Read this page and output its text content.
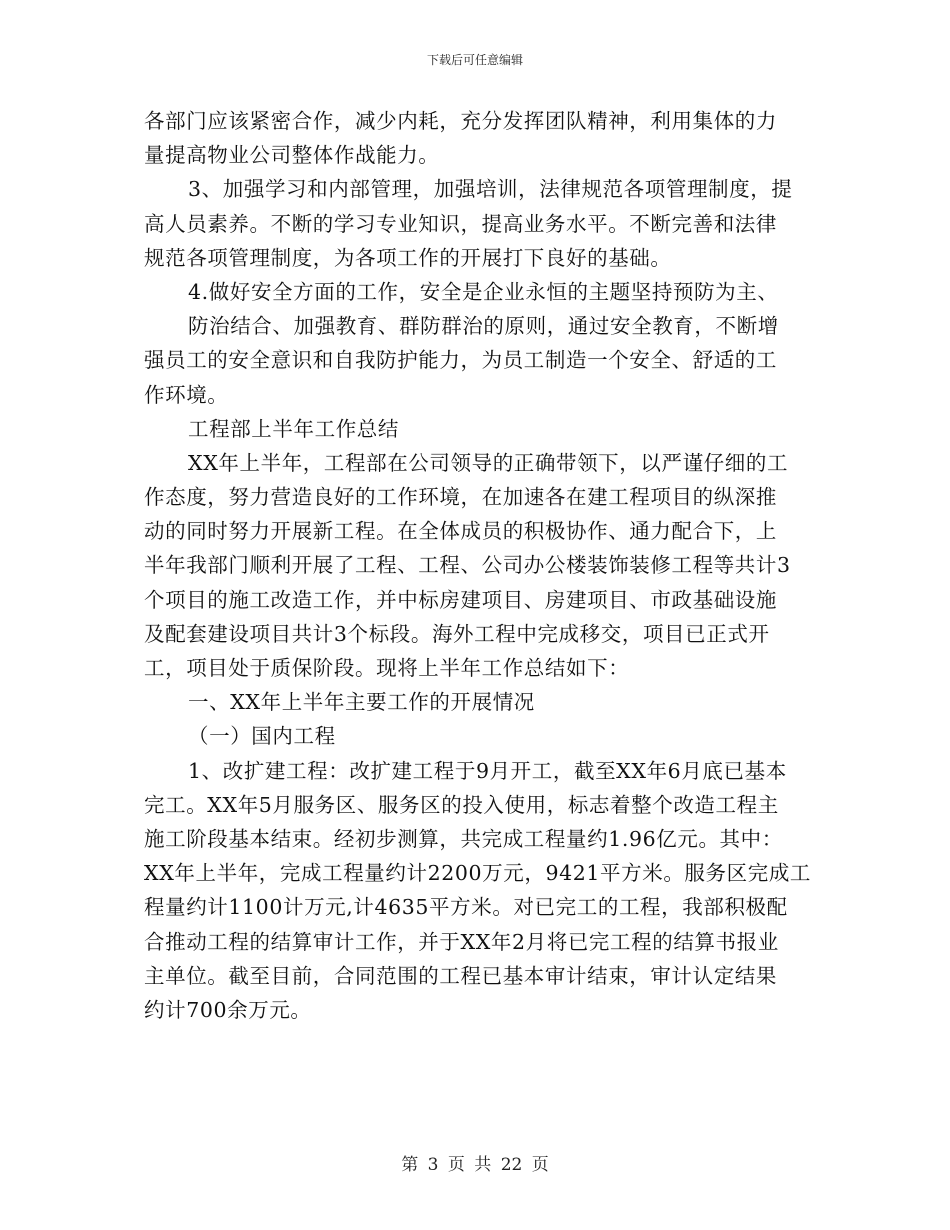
下载后可任意编辑
各部门应该紧密合作，减少内耗，充分发挥团队精神，利用集体的力
量提高物业公司整体作战能力。
3、加强学习和内部管理，加强培训，法律规范各项管理制度，提
高人员素养。不断的学习专业知识，提高业务水平。不断完善和法律
规范各项管理制度，为各项工作的开展打下良好的基础。
4.做好安全方面的工作，安全是企业永恒的主题坚持预防为主、
防治结合、加强教育、群防群治的原则，通过安全教育，不断增
强员工的安全意识和自我防护能力，为员工制造一个安全、舒适的工
作环境。
工程部上半年工作总结
XX年上半年，工程部在公司领导的正确带领下，以严谨仔细的工
作态度，努力营造良好的工作环境，在加速各在建工程项目的纵深推
动的同时努力开展新工程。在全体成员的积极协作、通力配合下，上
半年我部门顺利开展了工程、工程、公司办公楼装饰装修工程等共计3
个项目的施工改造工作，并中标房建项目、房建项目、市政基础设施
及配套建设项目共计3个标段。海外工程中完成移交，项目已正式开
工，项目处于质保阶段。现将上半年工作总结如下：
一、XX年上半年主要工作的开展情况
（一）国内工程
1、改扩建工程：改扩建工程于9月开工，截至XX年6月底已基本
完工。XX年5月服务区、服务区的投入使用，标志着整个改造工程主
施工阶段基本结束。经初步测算，共完成工程量约1.96亿元。其中：
XX年上半年，完成工程量约计2200万元，9421平方米。服务区完成工
程量约计1100计万元,计4635平方米。对已完工的工程，我部积极配
合推动工程的结算审计工作，并于XX年2月将已完工程的结算书报业
主单位。截至目前，合同范围的工程已基本审计结束，审计认定结果
约计700余万元。
第 3 页 共 22 页
